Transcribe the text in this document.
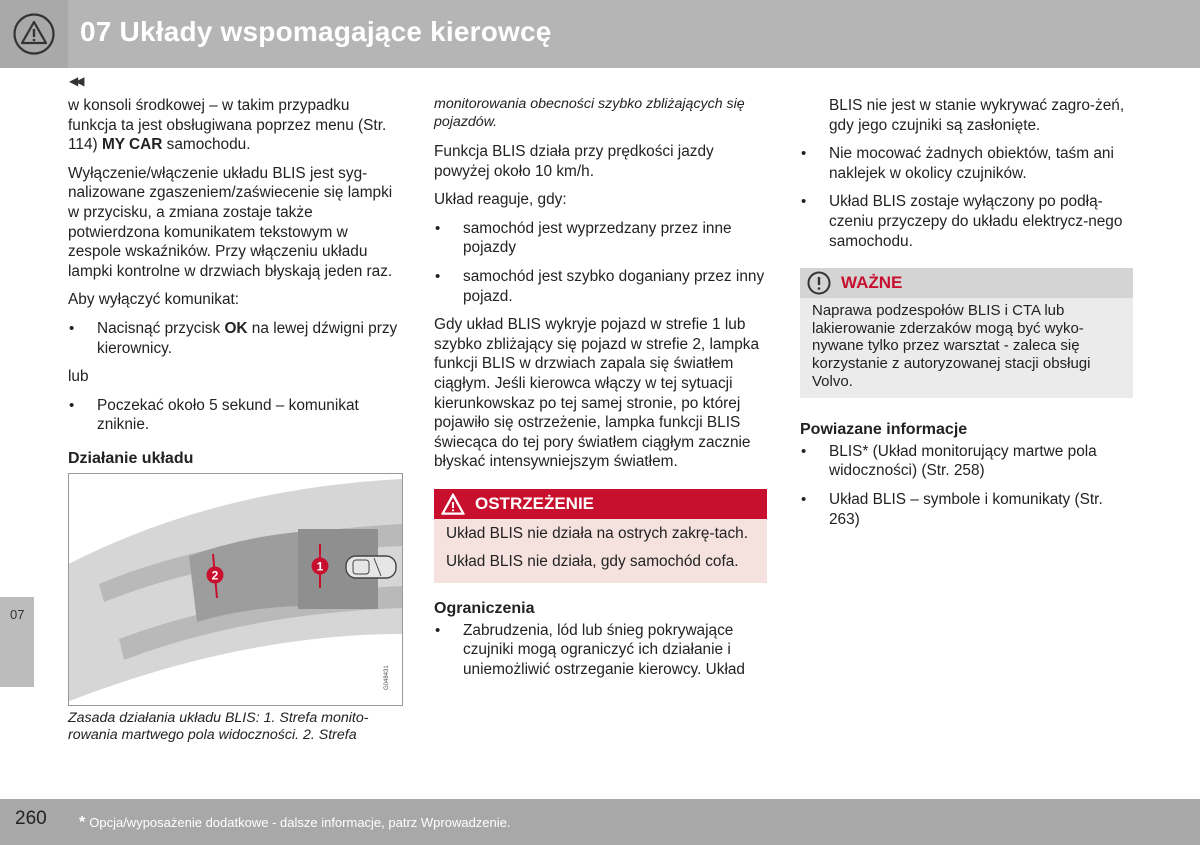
07 Układy wspomagające kierowcę
07
◀◀

w konsoli środkowej – w takim przypadku funkcja ta jest obsługiwana poprzez menu (Str. 114) MY CAR samochodu.

Wyłączenie/włączenie układu BLIS jest syg-nalizowane zgaszeniem/zaświecenie się lampki w przycisku, a zmiana zostaje także potwierdzona komunikatem tekstowym w zespole wskaźników. Przy włączeniu układu lampki kontrolne w drzwiach błyskają jeden raz.

Aby wyłączyć komunikat:

• Nacisnąć przycisk OK na lewej dźwigni przy kierownicy.

lub

• Poczekać około 5 sekund – komunikat zniknie.
Działanie układu
1
2
G048431

Zasada działania układu BLIS: 1. Strefa monito-rowania martwego pola widoczności. 2. Strefa

monitorowania obecności szybko zbliżających się pojazdów.

Funkcja BLIS działa przy prędkości jazdy powyżej około 10 km/h.

Układ reaguje, gdy:

• samochód jest wyprzedzany przez inne pojazdy
• samochód jest szybko doganiany przez inny pojazd.

Gdy układ BLIS wykryje pojazd w strefie 1 lub szybko zbliżający się pojazd w strefie 2, lampka funkcji BLIS w drzwiach zapala się światłem ciągłym. Jeśli kierowca włączy w tej sytuacji kierunkowskaz po tej samej stronie, po której pojawiło się ostrzeżenie, lampka funkcji BLIS świecąca do tej pory światłem ciągłym zacznie błyskać intensywniejszym światłem.

OSTRZEŻENIE

Układ BLIS nie działa na ostrych zakrę-tach.

Układ BLIS nie działa, gdy samochód cofa.

Ograniczenia
• Zabrudzenia, lód lub śnieg pokrywające czujniki mogą ograniczyć ich działanie i uniemożliwić ostrzeganie kierowcy. Układ

BLIS nie jest w stanie wykrywać zagro-żeń, gdy jego czujniki są zasłonięte.

• Nie mocować żadnych obiektów, taśm ani naklejek w okolicy czujników.
• Układ BLIS zostaje wyłączony po podłą-czeniu przyczepy do układu elektrycz-nego samochodu.
WAŻNE
Naprawa podzespołów BLIS i CTA lub lakierowanie zderzaków mogą być wyko-nywane tylko przez warsztat - zaleca się korzystanie z autoryzowanej stacji obsługi Volvo.
Powiazane informacje
• BLIS* (Układ monitorujący martwe pola widoczności) (Str. 258)
• Układ BLIS – symbole i komunikaty (Str. 263)
260 * Opcja/wyposażenie dodatkowe - dalsze informacje, patrz Wprowadzenie.
